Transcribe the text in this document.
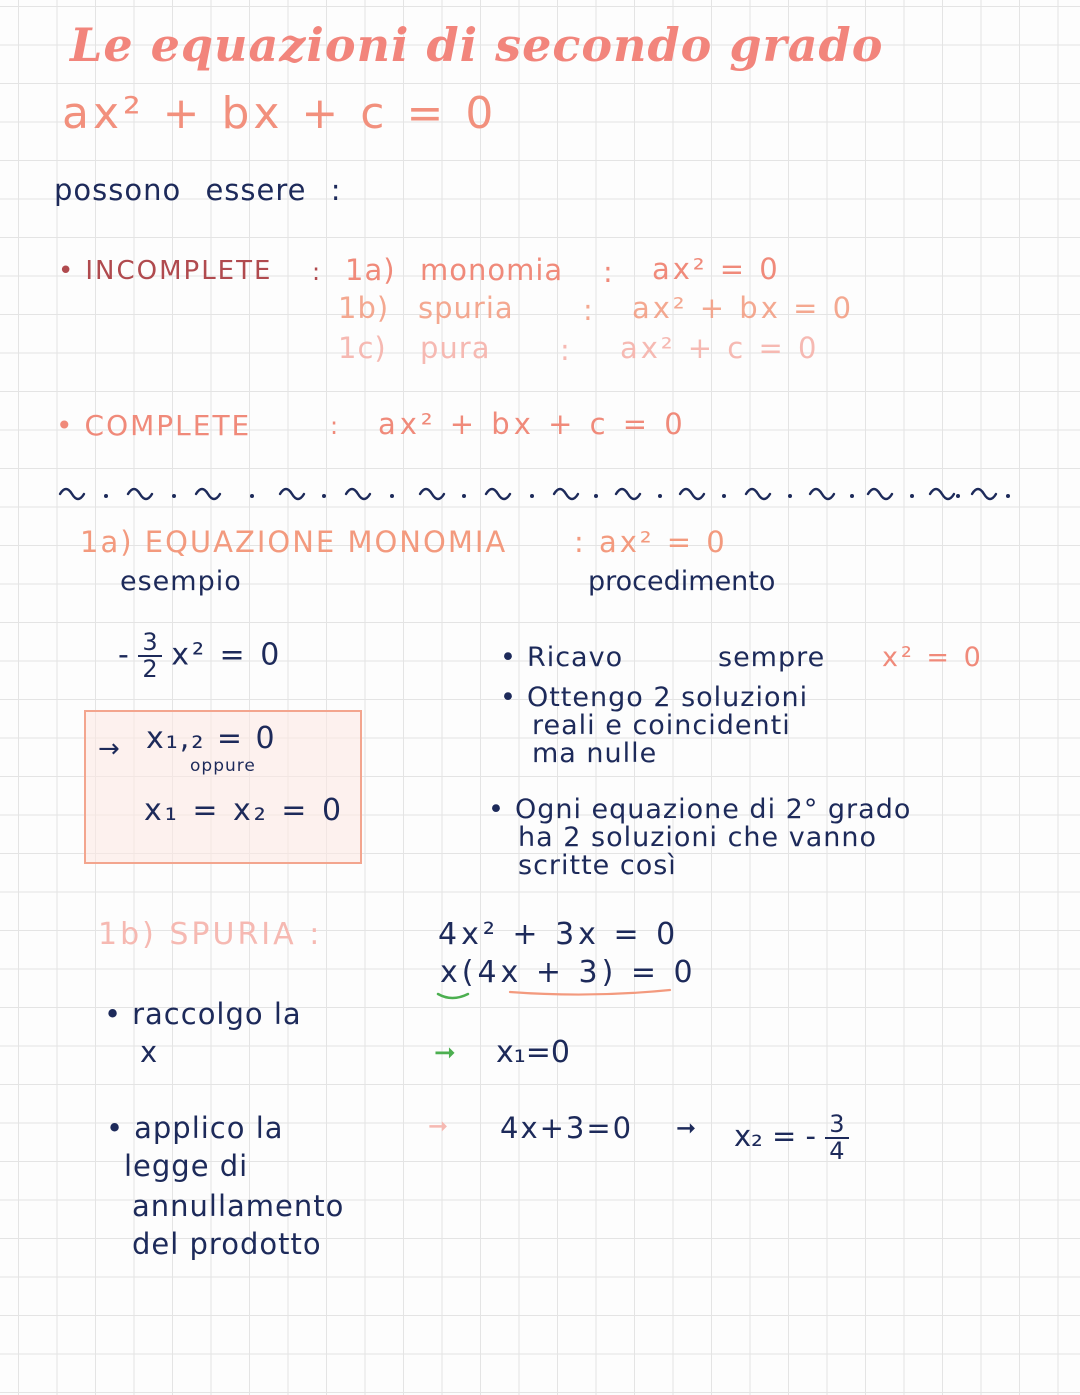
Le equazioni di secondo grado
ax² + bx + c = 0
possono essere :
• INCOMPLETE : 1a) monomia : ax² = 0
1b) spuria : ax² + bx = 0
1c) pura : ax² + c = 0
• COMPLETE	: ax² + bx + c = 0
1a) EQUAZIONE MONOMIA : ax² = 0
esempio	procedimento
- $\frac{3}{2} x^2 = 0$
→ x₁,₂ = 0
oppure
x₁ = x₂ = 0
• Ricavo	sempre x² = 0
• Ottengo 2 soluzioni
reali e coincidenti
ma nulle
• Ogni equazione di 2° grado
ha 2 soluzioni che vanno
scritte così
1b) SPURIA :	4x² + 3x = 0
x(4x + 3) = 0
• raccolgo la
x	➞ x₁=0
• applico la
legge di
annullamento
del prodotto
➞ 4x+3=0 ➞ x₂ = - $\frac{3}{4}$
